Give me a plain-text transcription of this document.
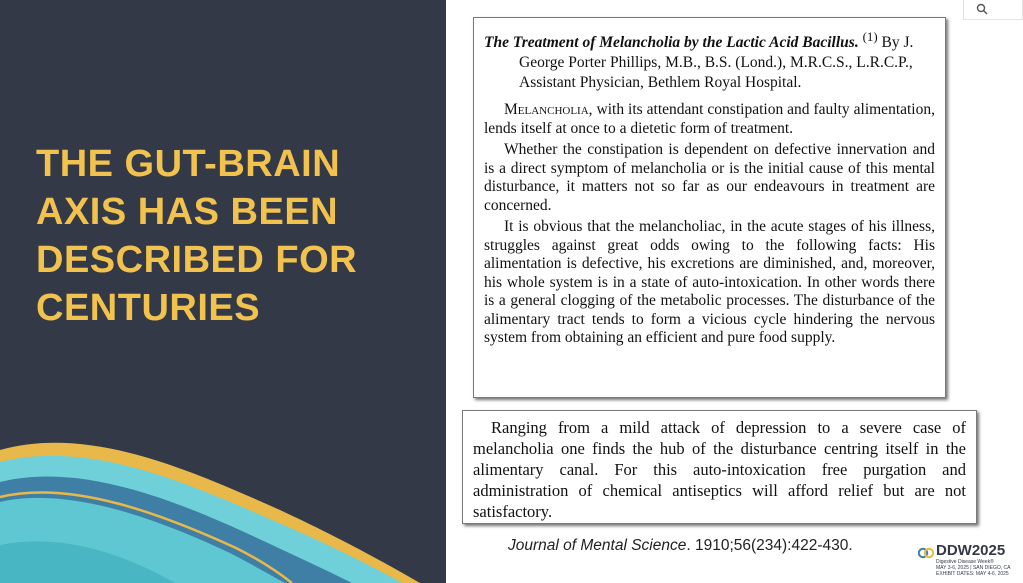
THE GUT-BRAIN AXIS HAS BEEN DESCRIBED FOR CENTURIES

The Treatment of Melancholia by the Lactic Acid Bacillus. $^{(1)}$ By J. George Porter Phillips, M.B., B.S. (Lond.), M.R.C.S., L.R.C.P., Assistant Physician, Bethlem Royal Hospital.

Melancholia, with its attendant constipation and faulty alimentation, lends itself at once to a dietetic form of treatment.

Whether the constipation is dependent on defective innervation and is a direct symptom of melancholia or is the initial cause of this mental disturbance, it matters not so far as our endeavours in treatment are concerned.

It is obvious that the melancholiac, in the acute stages of his illness, struggles against great odds owing to the following facts: His alimentation is defective, his excretions are diminished, and, moreover, his whole system is in a state of auto-intoxication. In other words there is a general clogging of the metabolic processes. The disturbance of the alimentary tract tends to form a vicious cycle hindering the nervous system from obtaining an efficient and pure food supply.

Ranging from a mild attack of depression to a severe case of melancholia one finds the hub of the disturbance centring itself in the alimentary canal. For this auto-intoxication free purgation and administration of chemical antiseptics will afford relief but are not satisfactory.

Journal of Mental Science. 1910;56(234):422-430.	DDW2025
Digestive Disease Week®
MAY 3-6, 2025 | SAN DIEGO, CA
EXHIBIT DATES: MAY 4-6, 2025
